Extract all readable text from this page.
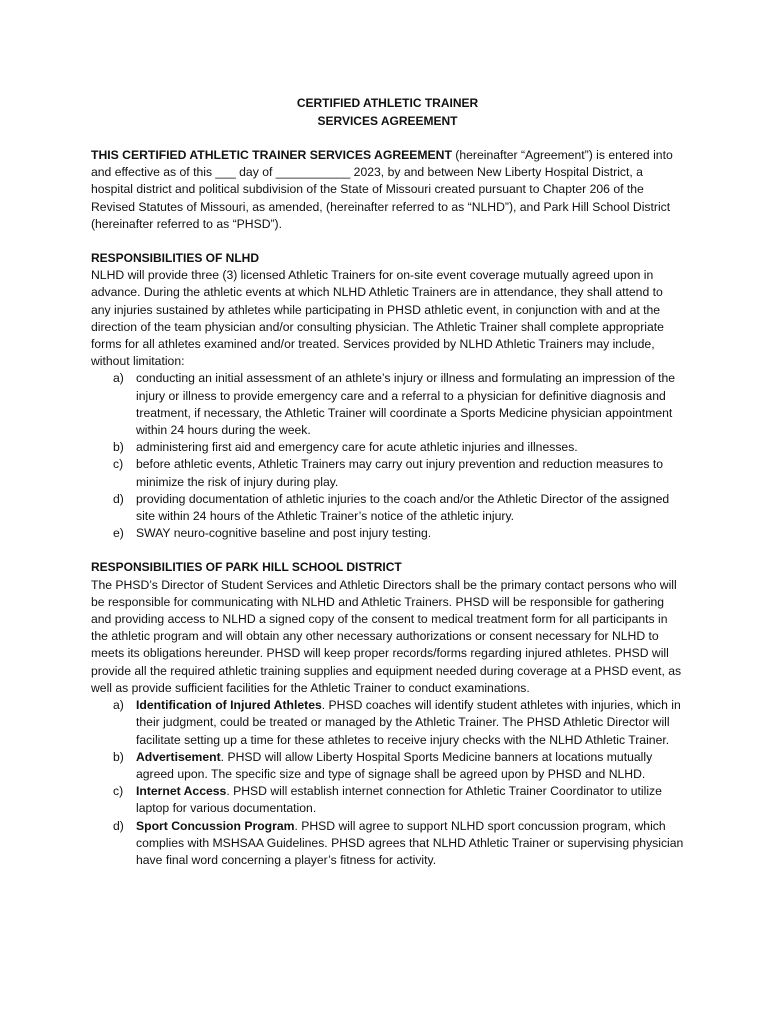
CERTIFIED ATHLETIC TRAINER
SERVICES AGREEMENT

THIS CERTIFIED ATHLETIC TRAINER SERVICES AGREEMENT (hereinafter “Agreement”) is entered into and effective as of this ___ day of ___________ 2023, by and between New Liberty Hospital District, a hospital district and political subdivision of the State of Missouri created pursuant to Chapter 206 of the Revised Statutes of Missouri, as amended, (hereinafter referred to as “NLHD”), and Park Hill School District (hereinafter referred to as “PHSD”).

RESPONSIBILITIES OF NLHD

NLHD will provide three (3) licensed Athletic Trainers for on-site event coverage mutually agreed upon in advance. During the athletic events at which NLHD Athletic Trainers are in attendance, they shall attend to any injuries sustained by athletes while participating in PHSD athletic event, in conjunction with and at the direction of the team physician and/or consulting physician. The Athletic Trainer shall complete appropriate forms for all athletes examined and/or treated. Services provided by NLHD Athletic Trainers may include, without limitation:

a) conducting an initial assessment of an athlete’s injury or illness and formulating an impression of the injury or illness to provide emergency care and a referral to a physician for definitive diagnosis and treatment, if necessary, the Athletic Trainer will coordinate a Sports Medicine physician appointment within 24 hours during the week.
b) administering first aid and emergency care for acute athletic injuries and illnesses.
c) before athletic events, Athletic Trainers may carry out injury prevention and reduction measures to minimize the risk of injury during play.
d) providing documentation of athletic injuries to the coach and/or the Athletic Director of the assigned site within 24 hours of the Athletic Trainer’s notice of the athletic injury.
e) SWAY neuro-cognitive baseline and post injury testing.

RESPONSIBILITIES OF PARK HILL SCHOOL DISTRICT

The PHSD’s Director of Student Services and Athletic Directors shall be the primary contact persons who will be responsible for communicating with NLHD and Athletic Trainers. PHSD will be responsible for gathering and providing access to NLHD a signed copy of the consent to medical treatment form for all participants in the athletic program and will obtain any other necessary authorizations or consent necessary for NLHD to meets its obligations hereunder. PHSD will keep proper records/forms regarding injured athletes. PHSD will provide all the required athletic training supplies and equipment needed during coverage at a PHSD event, as well as provide sufficient facilities for the Athletic Trainer to conduct examinations.

a) Identification of Injured Athletes. PHSD coaches will identify student athletes with injuries, which in their judgment, could be treated or managed by the Athletic Trainer. The PHSD Athletic Director will facilitate setting up a time for these athletes to receive injury checks with the NLHD Athletic Trainer.
b) Advertisement. PHSD will allow Liberty Hospital Sports Medicine banners at locations mutually agreed upon. The specific size and type of signage shall be agreed upon by PHSD and NLHD.
c) Internet Access. PHSD will establish internet connection for Athletic Trainer Coordinator to utilize laptop for various documentation.
d) Sport Concussion Program. PHSD will agree to support NLHD sport concussion program, which complies with MSHSAA Guidelines. PHSD agrees that NLHD Athletic Trainer or supervising physician have final word concerning a player’s fitness for activity.
